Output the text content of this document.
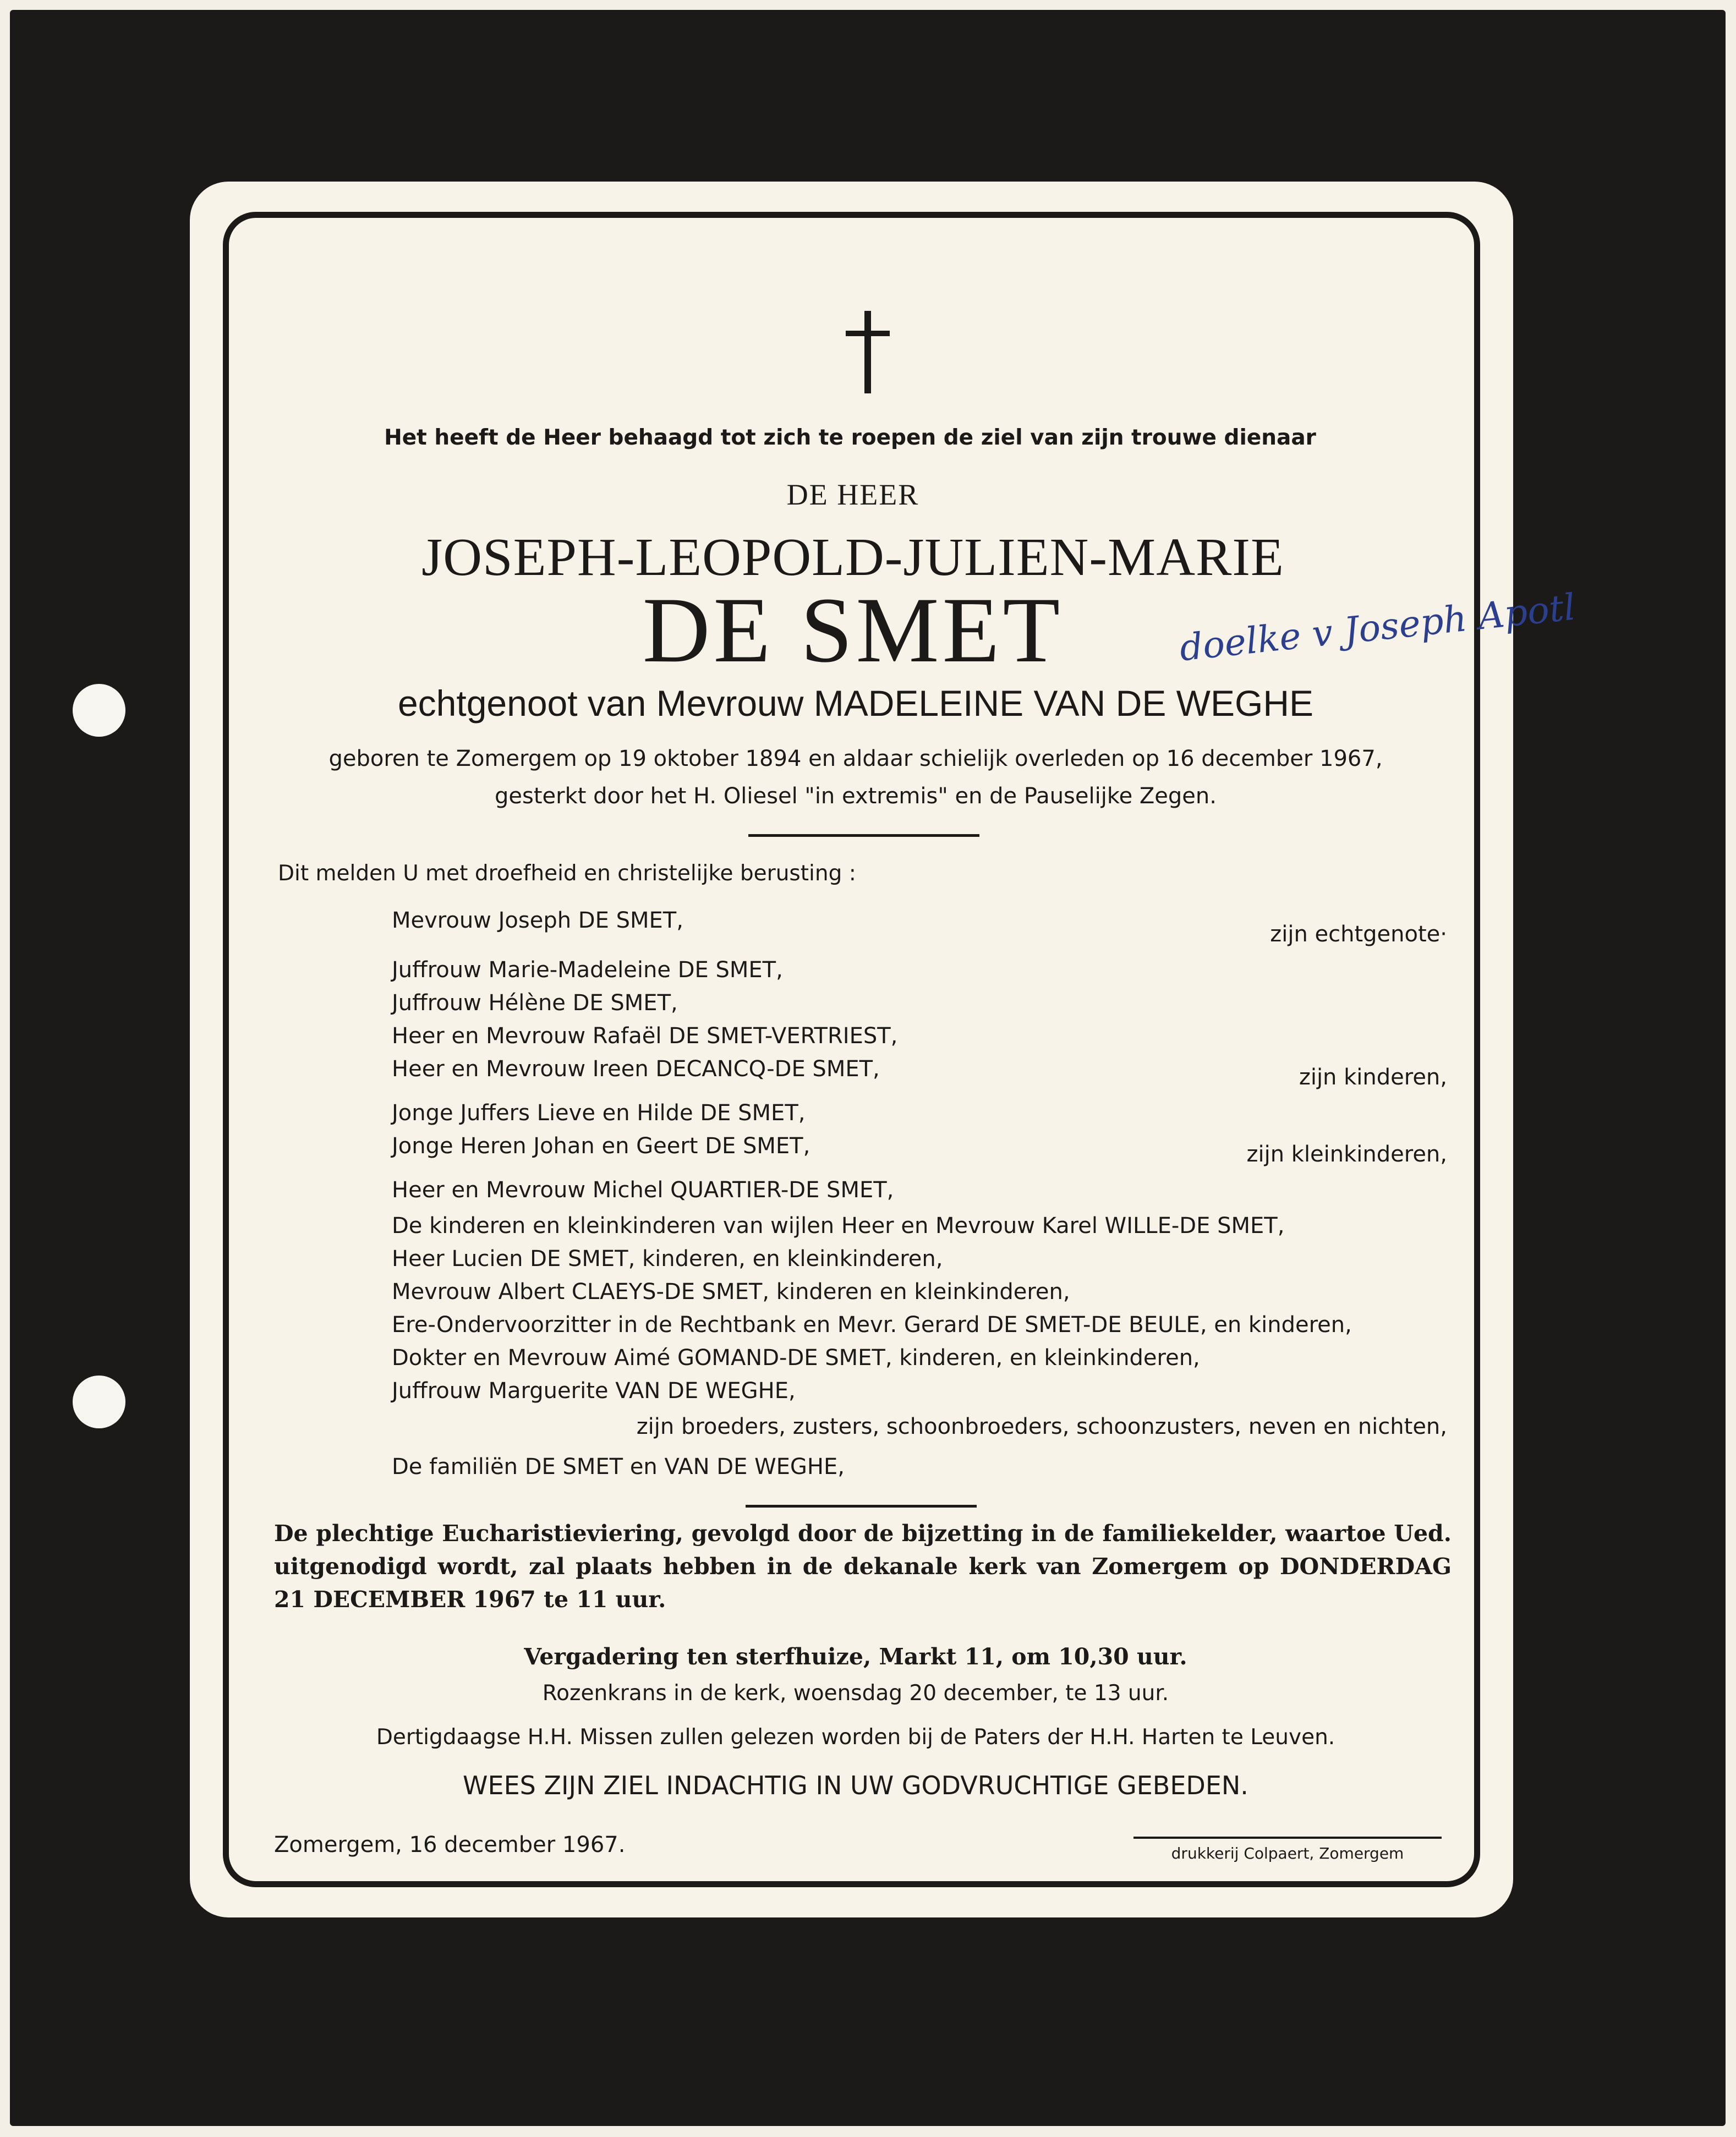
Het heeft de Heer behaagd tot zich te roepen de ziel van zijn trouwe dienaar
DE HEER
JOSEPH-LEOPOLD-JULIEN-MARIE
DE SMET	doelke v Joseph Apotl
echtgenoot van Mevrouw MADELEINE VAN DE WEGHE
geboren te Zomergem op 19 oktober 1894 en aldaar schielijk overleden op 16 december 1967,
gesterkt door het H. Oliesel "in extremis" en de Pauselijke Zegen.
Dit melden U met droefheid en christelijke berusting :
Mevrouw Joseph DE SMET,
zijn echtgenote·
Juffrouw Marie-Madeleine DE SMET,
Juffrouw Hélène DE SMET,
Heer en Mevrouw Rafaël DE SMET-VERTRIEST,
Heer en Mevrouw Ireen DECANCQ-DE SMET,	zijn kinderen,
Jonge Juffers Lieve en Hilde DE SMET,
Jonge Heren Johan en Geert DE SMET,	zijn kleinkinderen,
Heer en Mevrouw Michel QUARTIER-DE SMET,
De kinderen en kleinkinderen van wijlen Heer en Mevrouw Karel WILLE-DE SMET,
Heer Lucien DE SMET, kinderen, en kleinkinderen,
Mevrouw Albert CLAEYS-DE SMET, kinderen en kleinkinderen,
Ere-Ondervoorzitter in de Rechtbank en Mevr. Gerard DE SMET-DE BEULE, en kinderen,
Dokter en Mevrouw Aimé GOMAND-DE SMET, kinderen, en kleinkinderen,
Juffrouw Marguerite VAN DE WEGHE,
zijn broeders, zusters, schoonbroeders, schoonzusters, neven en nichten,
De familiën DE SMET en VAN DE WEGHE,
De plechtige Eucharistieviering, gevolgd door de bijzetting in de familiekelder, waartoe Ued.
uitgenodigd wordt, zal plaats hebben in de dekanale kerk van Zomergem op DONDERDAG
21 DECEMBER 1967 te 11 uur.
Vergadering ten sterfhuize, Markt 11, om 10,30 uur.
Rozenkrans in de kerk, woensdag 20 december, te 13 uur.
Dertigdaagse H.H. Missen zullen gelezen worden bij de Paters der H.H. Harten te Leuven.
WEES ZIJN ZIEL INDACHTIG IN UW GODVRUCHTIGE GEBEDEN.
Zomergem, 16 december 1967.	drukkerij Colpaert, Zomergem
